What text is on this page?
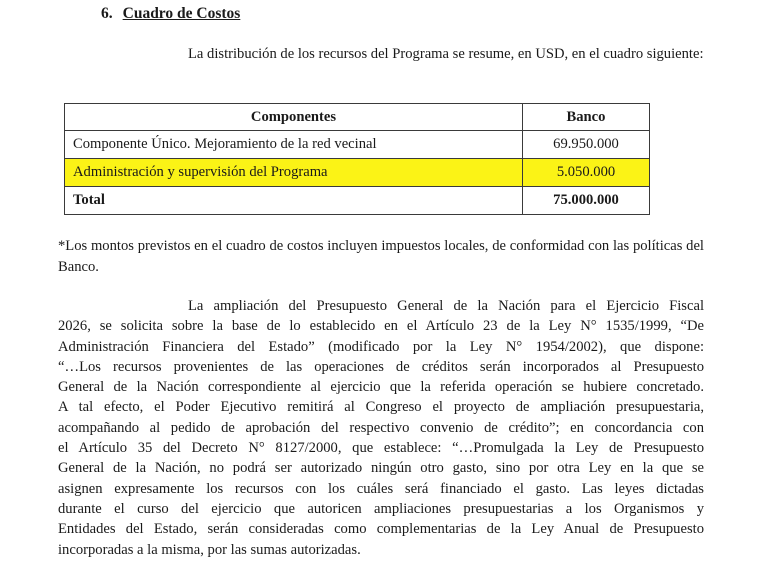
6. Cuadro de Costos
La distribución de los recursos del Programa se resume, en USD, en el cuadro siguiente:
Componentes	Banco
Componente Único. Mejoramiento de la red vecinal	69.950.000
Administración y supervisión del Programa	5.050.000
Total	75.000.000
*Los montos previstos en el cuadro de costos incluyen impuestos locales, de conformidad con las políticas del Banco.
La ampliación del Presupuesto General de la Nación para el Ejercicio Fiscal
2026, se solicita sobre la base de lo establecido en el Artículo 23 de la Ley N° 1535/1999, “De
Administración Financiera del Estado” (modificado por la Ley N° 1954/2002), que dispone:
“…Los recursos provenientes de las operaciones de créditos serán incorporados al Presupuesto
General de la Nación correspondiente al ejercicio que la referida operación se hubiere concretado.
A tal efecto, el Poder Ejecutivo remitirá al Congreso el proyecto de ampliación presupuestaria,
acompañando al pedido de aprobación del respectivo convenio de crédito”; en concordancia con
el Artículo 35 del Decreto N° 8127/2000, que establece: “…Promulgada la Ley de Presupuesto
General de la Nación, no podrá ser autorizado ningún otro gasto, sino por otra Ley en la que se
asignen expresamente los recursos con los cuáles será financiado el gasto. Las leyes dictadas
durante el curso del ejercicio que autoricen ampliaciones presupuestarias a los Organismos y
Entidades del Estado, serán consideradas como complementarias de la Ley Anual de Presupuesto
incorporadas a la misma, por las sumas autorizadas.
